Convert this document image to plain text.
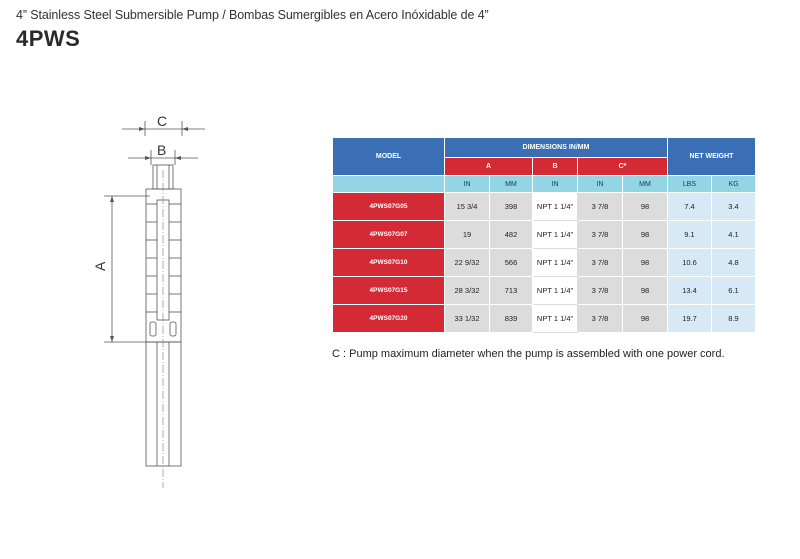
4” Stainless Steel Submersible Pump / Bombas Sumergibles en Acero Inóxidable de 4”
4PWS
C
B
A
MODEL	DIMENSIONS IN/MM					NET WEIGHT	
	A		B	C*			
	IN	MM	IN	IN	MM	LBS	KG
4PWS07G05	15 3/4	398	NPT 1 1/4”	3 7/8	98	7.4	3.4
4PWS07G07	19	482	NPT 1 1/4”	3 7/8	98	9.1	4.1
4PWS07G10	22 9/32	566	NPT 1 1/4”	3 7/8	98	10.6	4.8
4PWS07G15	28 3/32	713	NPT 1 1/4”	3 7/8	98	13.4	6.1
4PWS07G20	33 1/32	839	NPT 1 1/4”	3 7/8	98	19.7	8.9
C : Pump maximum diameter when the pump is assembled with one power cord.
